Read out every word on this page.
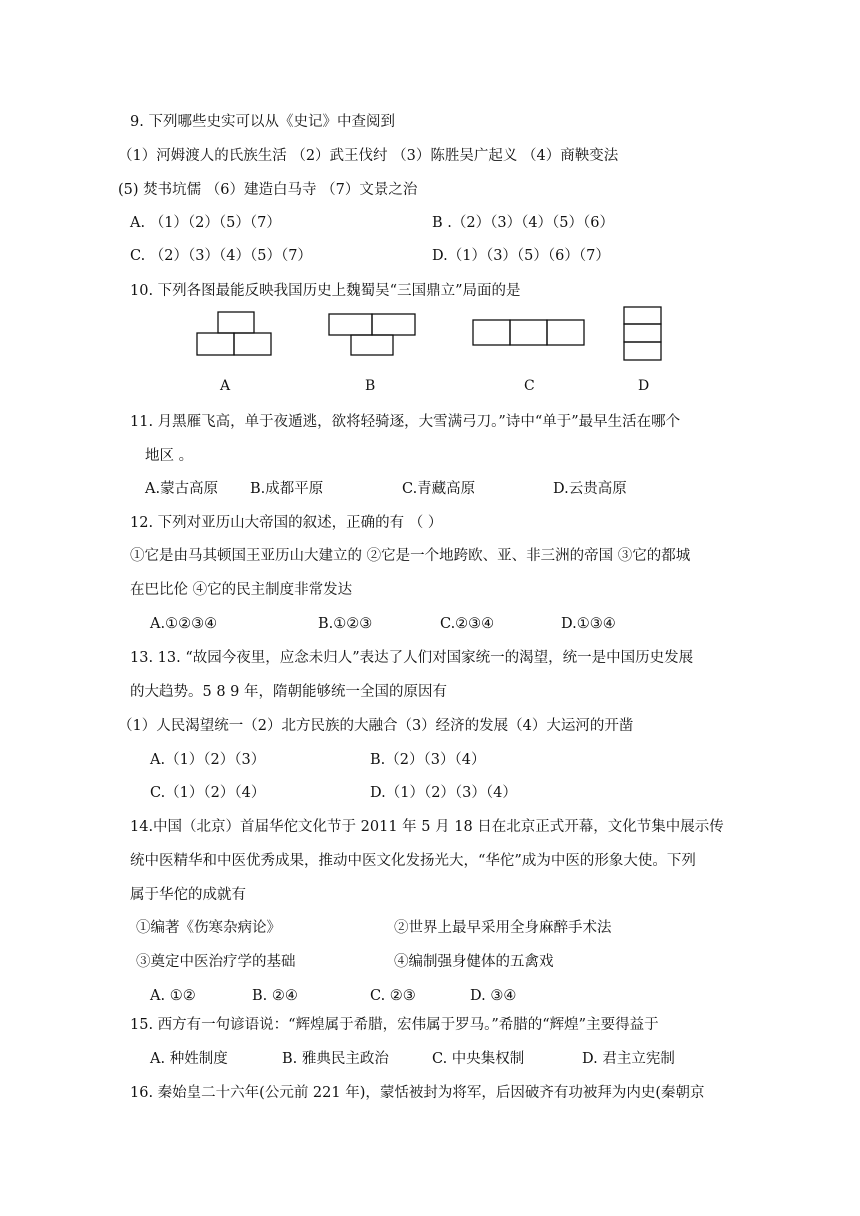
9. 下列哪些史实可以从《史记》中查阅到
（1）河姆渡人的氏族生活 （2）武王伐纣 （3）陈胜吴广起义 （4）商鞅变法
(5) 焚书坑儒 （6）建造白马寺 （7）文景之治
A. （1）（2）（5）（7）	B .（2）（3）（4）（5）（6）
C. （2）（3）（4）（5）（7）	D.（1）（3）（5）（6）（7）
10. 下列各图最能反映我国历史上魏蜀吴“三国鼎立”局面的是
A	B	C	D
11. 月黑雁飞高，单于夜遁逃，欲将轻骑逐，大雪满弓刀。”诗中“单于”最早生活在哪个
地区 。
A.蒙古高原 B.成都平原	C.青藏高原	D.云贵高原
12. 下列对亚历山大帝国的叙述，正确的有 （ ）
①它是由马其顿国王亚历山大建立的 ②它是一个地跨欧、亚、非三洲的帝国 ③它的都城
在巴比伦 ④它的民主制度非常发达
A.①②③④	B.①②③	C.②③④	D.①③④
13. 13. “故园今夜里，应念未归人”表达了人们对国家统一的渴望，统一是中国历史发展
的大趋势。5 8 9 年，隋朝能够统一全国的原因有
（1）人民渴望统一（2）北方民族的大融合（3）经济的发展（4）大运河的开凿
A.（1）（2）（3）	B.（2）（3）（4）
C.（1）（2）（4）	D.（1）（2）（3）（4）
14.中国（北京）首届华佗文化节于 2011 年 5 月 18 日在北京正式开幕，文化节集中展示传
统中医精华和中医优秀成果，推动中医文化发扬光大，“华佗”成为中医的形象大使。下列
属于华佗的成就有
①编著《伤寒杂病论》	②世界上最早采用全身麻醉手术法
③奠定中医治疗学的基础	④编制强身健体的五禽戏
A. ①②	B. ②④	C. ②③	D. ③④
15. 西方有一句谚语说：“辉煌属于希腊，宏伟属于罗马。”希腊的“辉煌”主要得益于
A. 种姓制度	B. 雅典民主政治	C. 中央集权制	D. 君主立宪制
16. 秦始皇二十六年(公元前 221 年)，蒙恬被封为将军，后因破齐有功被拜为内史(秦朝京
